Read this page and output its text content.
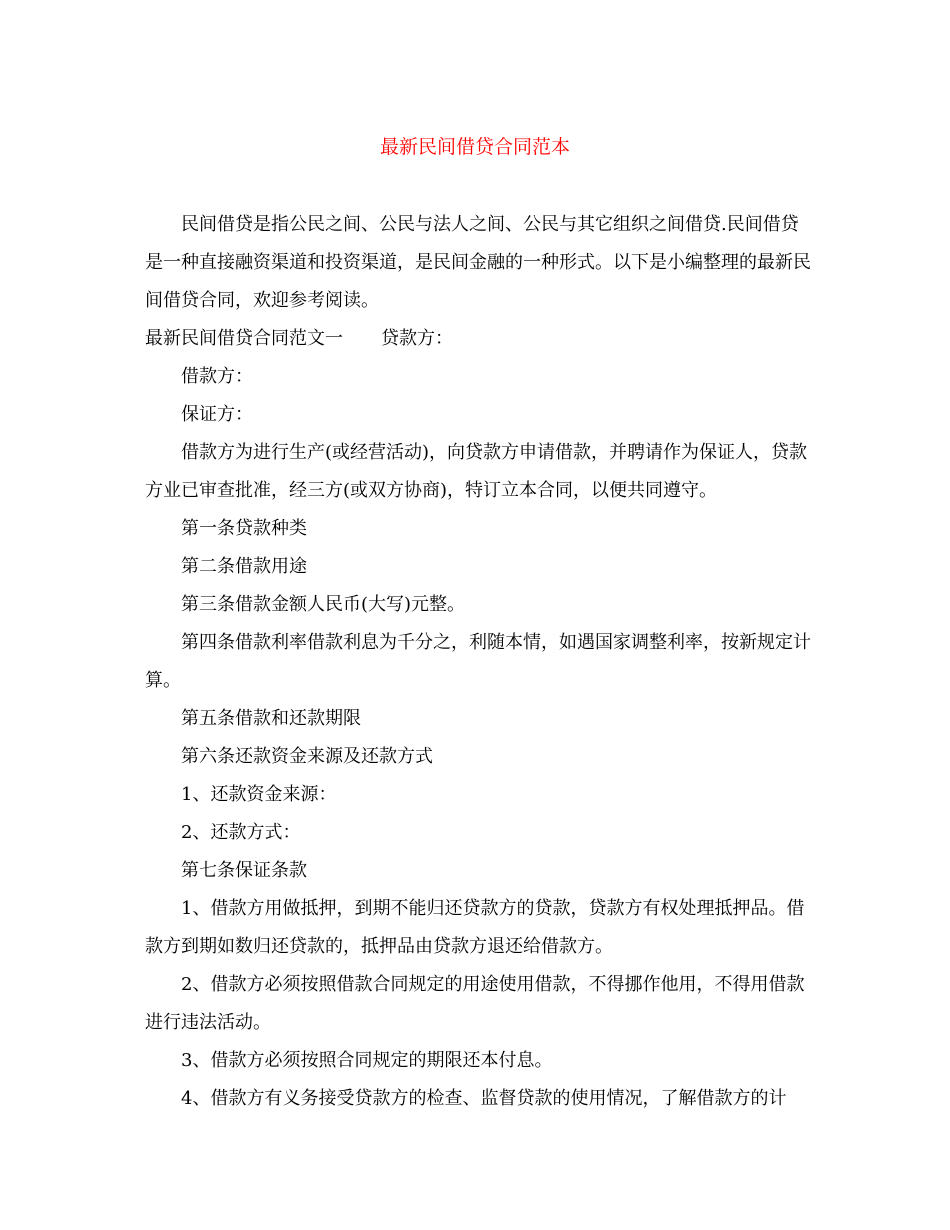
最新民间借贷合同范本

民间借贷是指公民之间、公民与法人之间、公民与其它组织之间借贷.民间借贷是一种直接融资渠道和投资渠道，是民间金融的一种形式。以下是小编整理的最新民间借贷合同，欢迎参考阅读。

最新民间借贷合同范文一 贷款方：

借款方：

保证方：

借款方为进行生产(或经营活动)，向贷款方申请借款，并聘请作为保证人，贷款方业已审查批准，经三方(或双方协商)，特订立本合同，以便共同遵守。

第一条贷款种类

第二条借款用途

第三条借款金额人民币(大写)元整。

第四条借款利率借款利息为千分之，利随本情，如遇国家调整利率，按新规定计算。

第五条借款和还款期限

第六条还款资金来源及还款方式

1、还款资金来源：

2、还款方式：

第七条保证条款

1、借款方用做抵押，到期不能归还贷款方的贷款，贷款方有权处理抵押品。借款方到期如数归还贷款的，抵押品由贷款方退还给借款方。

2、借款方必须按照借款合同规定的用途使用借款，不得挪作他用，不得用借款进行违法活动。

3、借款方必须按照合同规定的期限还本付息。

4、借款方有义务接受贷款方的检查、监督贷款的使用情况，了解借款方的计
